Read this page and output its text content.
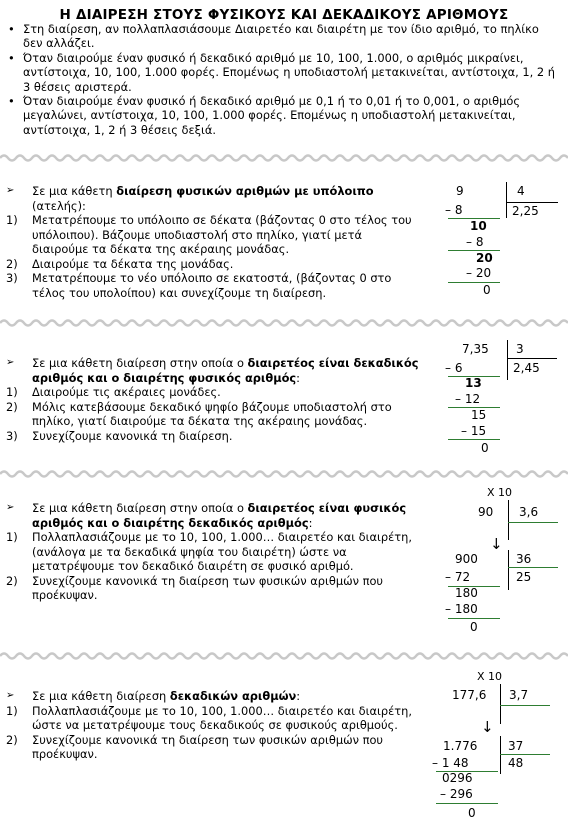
Η ΔΙΑΙΡΕΣΗ ΣΤΟΥΣ ΦΥΣΙΚΟΥΣ ΚΑΙ ΔΕΚΑΔΙΚΟΥΣ ΑΡΙΘΜΟΥΣ
• Στη διαίρεση, αν πολλαπλασιάσουμε Διαιρετέο και διαιρέτη με τον ίδιο αριθμό, το πηλίκο δεν αλλάζει.
• Όταν διαιρούμε έναν φυσικό ή δεκαδικό αριθμό με 10, 100, 1.000, ο αριθμός μικραίνει, αντίστοιχα, 10, 100, 1.000 φορές. Επομένως η υποδιαστολή μετακινείται, αντίστοιχα, 1, 2 ή 3 θέσεις αριστερά.
• Όταν διαιρούμε έναν φυσικό ή δεκαδικό αριθμό με 0,1 ή το 0,01 ή το 0,001, ο αριθμός μεγαλώνει, αντίστοιχα, 10, 100, 1.000 φορές. Επομένως η υποδιαστολή μετακινείται, αντίστοιχα, 1, 2 ή 3 θέσεις δεξιά.
➢ Σε μια κάθετη διαίρεση φυσικών αριθμών με υπόλοιπο (ατελής):
1) Μετατρέπουμε το υπόλοιπο σε δέκατα (βάζοντας 0 στο τέλος του υπόλοιπου). Βάζουμε υποδιαστολή στο πηλίκο, γιατί μετά διαιρούμε τα δέκατα της ακέραιης μονάδας.
2) Διαιρούμε τα δέκατα της μονάδας.
3) Μετατρέπουμε το νέο υπόλοιπο σε εκατοστά, (βάζοντας 0 στο τέλος του υπολοίπου) και συνεχίζουμε τη διαίρεση.
➢ Σε μια κάθετη διαίρεση στην οποία ο διαιρετέος είναι δεκαδικός αριθμός και ο διαιρέτης φυσικός αριθμός:
1) Διαιρούμε τις ακέραιες μονάδες.
2) Μόλις κατεβάσουμε δεκαδικό ψηφίο βάζουμε υποδιαστολή στο πηλίκο, γιατί διαιρούμε τα δέκατα της ακέραιης μονάδας.
3) Συνεχίζουμε κανονικά τη διαίρεση.
➢ Σε μια κάθετη διαίρεση στην οποία ο διαιρετέος είναι φυσικός αριθμός και ο διαιρέτης δεκαδικός αριθμός:
1) Πολλαπλασιάζουμε με το 10, 100, 1.000… διαιρετέο και διαιρέτη, (ανάλογα με τα δεκαδικά ψηφία του διαιρέτη) ώστε να μετατρέψουμε τον δεκαδικό διαιρέτη σε φυσικό αριθμό.
2) Συνεχίζουμε κανονικά τη διαίρεση των φυσικών αριθμών που προέκυψαν.
➢ Σε μια κάθετη διαίρεση δεκαδικών αριθμών:
1) Πολλαπλασιάζουμε με το 10, 100, 1.000… διαιρετέο και διαιρέτη, ώστε να μετατρέψουμε τους δεκαδικούς σε φυσικούς αριθμούς.
2) Συνεχίζουμε κανονικά τη διαίρεση των φυσικών αριθμών που προέκυψαν.
9	4
– 8	2,25
10
– 8
20
– 20
0
7,35 3
– 6	2,45
13
– 12
15
– 15
0
Χ 10
90 3,6
↓
900	36
– 72	25
180
– 180
0
Χ 10
177,6 3,7
↓
1.776	37
– 1 48	48
0296
– 296
0
